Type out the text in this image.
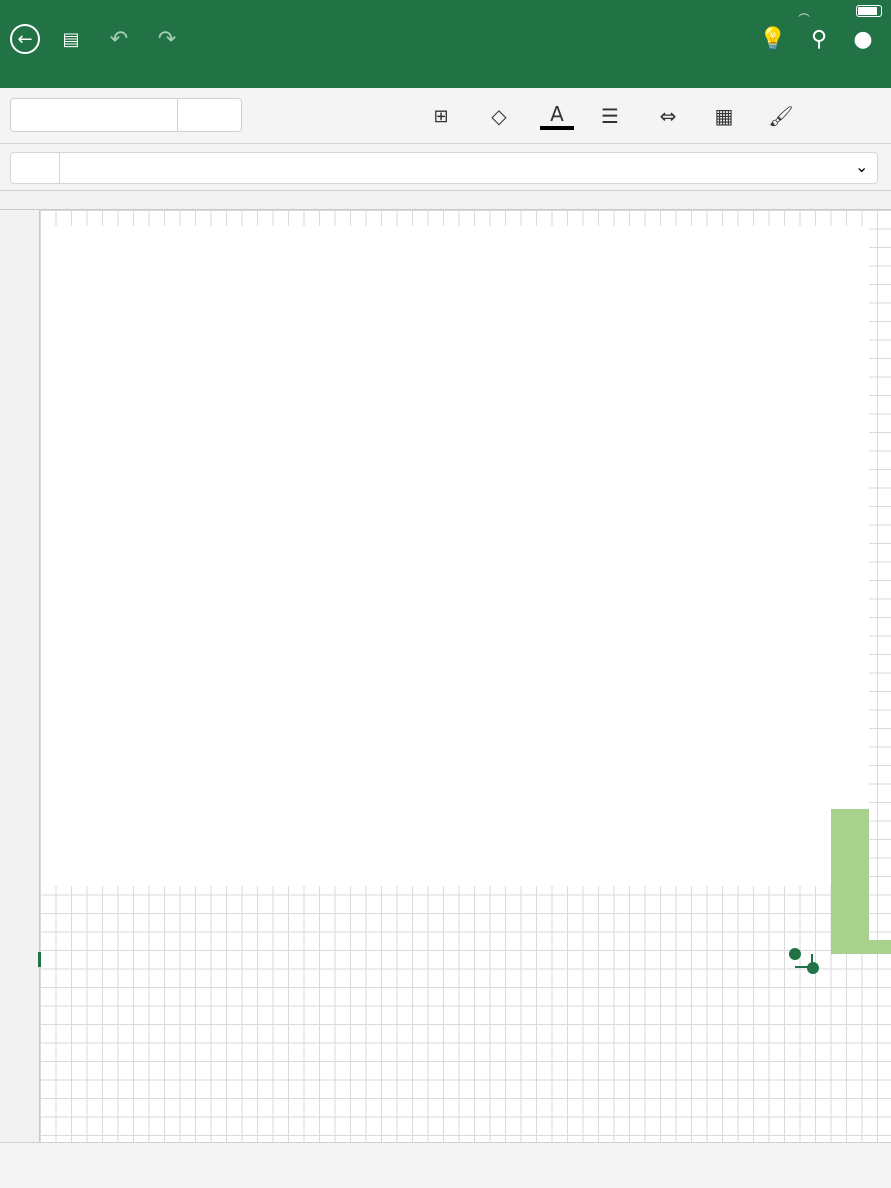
︵
←	▤ ↶ ↷	💡 ⚲ ●
⊞	◇	A	☰ ⇔ ▦ 🖌
⌄
